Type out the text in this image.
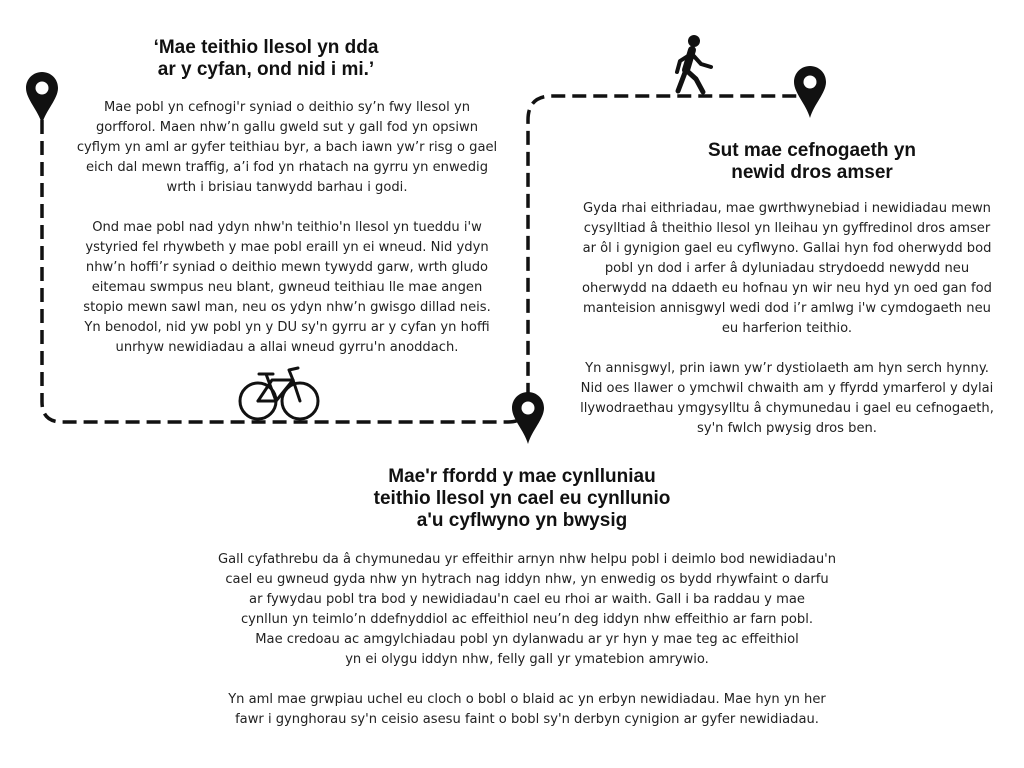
‘Mae teithio llesol yn dda
ar y cyfan, ond nid i mi.’

Mae pobl yn cefnogi'r syniad o deithio sy’n fwy llesol yn
gorfforol. Maen nhw’n gallu gweld sut y gall fod yn opsiwn
cyflym yn aml ar gyfer teithiau byr, a bach iawn yw’r risg o gael
eich dal mewn traffig, a’i fod yn rhatach na gyrru yn enwedig
wrth i brisiau tanwydd barhau i godi.

Ond mae pobl nad ydyn nhw'n teithio'n llesol yn tueddu i'w
ystyried fel rhywbeth y mae pobl eraill yn ei wneud. Nid ydyn
nhw’n hoffi’r syniad o deithio mewn tywydd garw, wrth gludo
eitemau swmpus neu blant, gwneud teithiau lle mae angen
stopio mewn sawl man, neu os ydyn nhw’n gwisgo dillad neis.
Yn benodol, nid yw pobl yn y DU sy'n gyrru ar y cyfan yn hoffi
unrhyw newidiadau a allai wneud gyrru'n anoddach.

Sut mae cefnogaeth yn
newid dros amser

Gyda rhai eithriadau, mae gwrthwynebiad i newidiadau mewn
cysylltiad â theithio llesol yn lleihau yn gyffredinol dros amser
ar ôl i gynigion gael eu cyflwyno. Gallai hyn fod oherwydd bod
pobl yn dod i arfer â dyluniadau strydoedd newydd neu
oherwydd na ddaeth eu hofnau yn wir neu hyd yn oed gan fod
manteision annisgwyl wedi dod i’r amlwg i'w cymdogaeth neu
eu harferion teithio.

Yn annisgwyl, prin iawn yw’r dystiolaeth am hyn serch hynny.
Nid oes llawer o ymchwil chwaith am y ffyrdd ymarferol y dylai
llywodraethau ymgysylltu â chymunedau i gael eu cefnogaeth,
sy'n fwlch pwysig dros ben.

Mae'r ffordd y mae cynlluniau
teithio llesol yn cael eu cynllunio
a'u cyflwyno yn bwysig

Gall cyfathrebu da â chymunedau yr effeithir arnyn nhw helpu pobl i deimlo bod newidiadau'n
cael eu gwneud gyda nhw yn hytrach nag iddyn nhw, yn enwedig os bydd rhywfaint o darfu
ar fywydau pobl tra bod y newidiadau'n cael eu rhoi ar waith. Gall i ba raddau y mae
cynllun yn teimlo’n ddefnyddiol ac effeithiol neu’n deg iddyn nhw effeithio ar farn pobl.
Mae credoau ac amgylchiadau pobl yn dylanwadu ar yr hyn y mae teg ac effeithiol
yn ei olygu iddyn nhw, felly gall yr ymatebion amrywio.

Yn aml mae grwpiau uchel eu cloch o bobl o blaid ac yn erbyn newidiadau. Mae hyn yn her
fawr i gynghorau sy'n ceisio asesu faint o bobl sy'n derbyn cynigion ar gyfer newidiadau.
